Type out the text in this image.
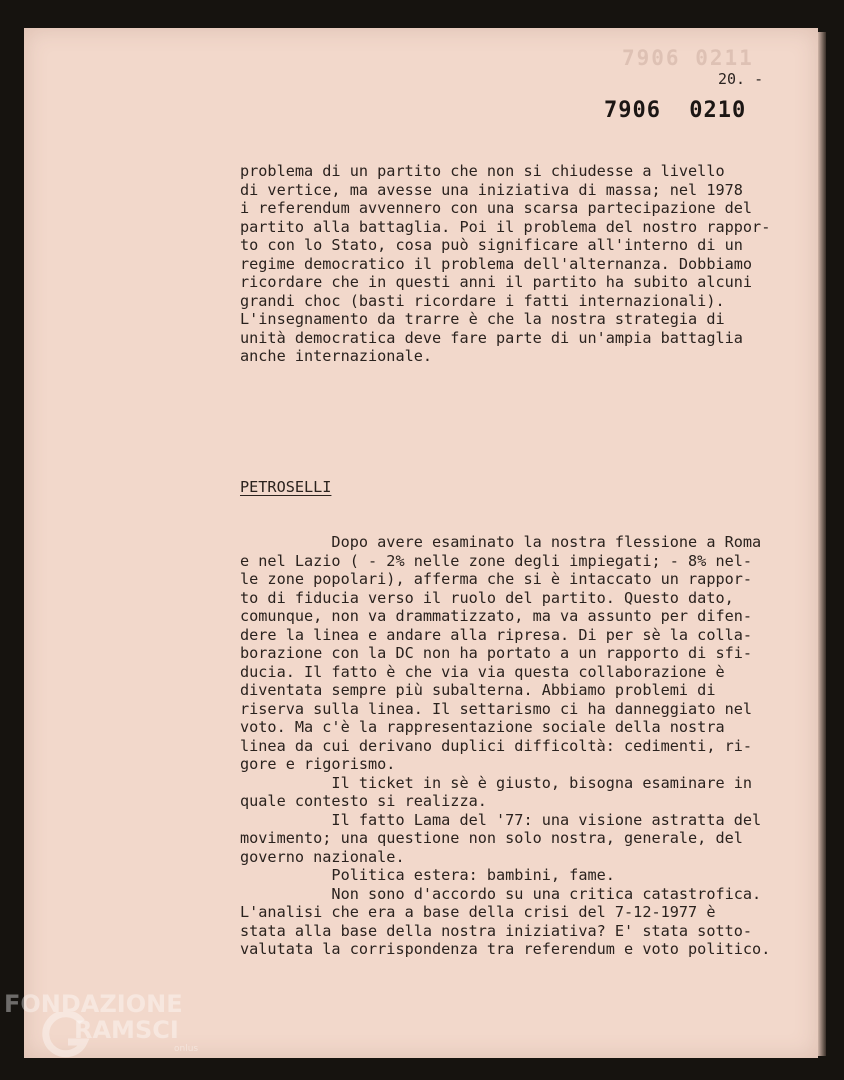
7906 0211
20. -
7906 0210
problema di un partito che non si chiudesse a livello
di vertice, ma avesse una iniziativa di massa; nel 1978
i referendum avvennero con una scarsa partecipazione del
partito alla battaglia. Poi il problema del nostro rappor-
to con lo Stato, cosa può significare all'interno di un
regime democratico il problema dell'alternanza. Dobbiamo
ricordare che in questi anni il partito ha subito alcuni
grandi choc (basti ricordare i fatti internazionali).
L'insegnamento da trarre è che la nostra strategia di
unità democratica deve fare parte di un'ampia battaglia
anche internazionale.
PETROSELLI
Dopo avere esaminato la nostra flessione a Roma
e nel Lazio ( - 2% nelle zone degli impiegati; - 8% nel-
le zone popolari), afferma che si è intaccato un rappor-
to di fiducia verso il ruolo del partito. Questo dato,
comunque, non va drammatizzato, ma va assunto per difen-
dere la linea e andare alla ripresa. Di per sè la colla-
borazione con la DC non ha portato a un rapporto di sfi-
ducia. Il fatto è che via via questa collaborazione è
diventata sempre più subalterna. Abbiamo problemi di
riserva sulla linea. Il settarismo ci ha danneggiato nel
voto. Ma c'è la rappresentazione sociale della nostra
linea da cui derivano duplici difficoltà: cedimenti, ri-
gore e rigorismo.
Il ticket in sè è giusto, bisogna esaminare in
quale contesto si realizza.
Il fatto Lama del '77: una visione astratta del
movimento; una questione non solo nostra, generale, del
governo nazionale.
Politica estera: bambini, fame.
Non sono d'accordo su una critica catastrofica.
L'analisi che era a base della crisi del 7-12-1977 è
stata alla base della nostra iniziativa? E' stata sotto-
valutata la corrispondenza tra referendum e voto politico.
FONDAZIONE
RAMSCI
onlus
